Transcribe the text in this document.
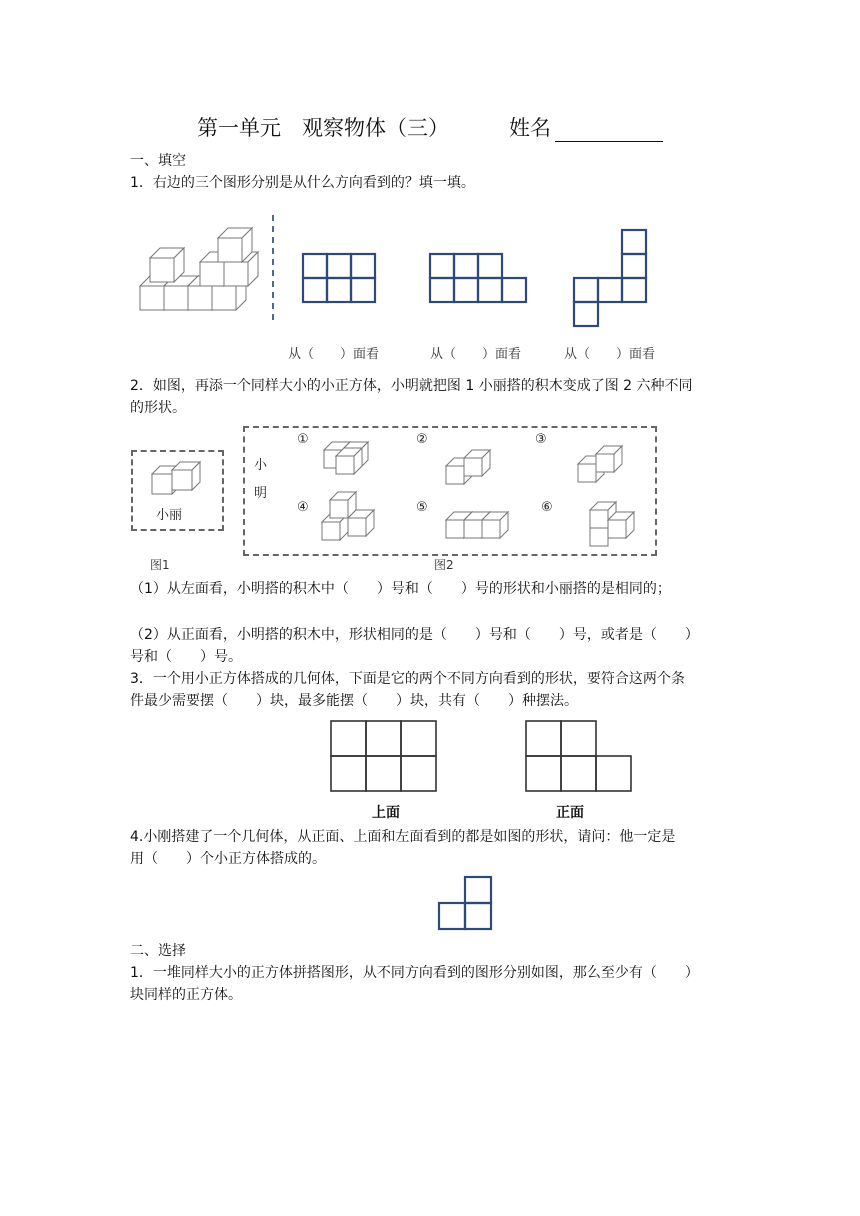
第一单元　观察物体（三）	姓名
一、填空
1．右边的三个图形分别是从什么方向看到的？填一填。
从（　　）面看	从（　　）面看	从（　　）面看
2．如图，再添一个同样大小的小正方体，小明就把图 1 小丽搭的积木变成了图 2 六种不同
的形状。
小丽
图1
小
明
图2
①	②	③
④	⑤	⑥
（1）从左面看，小明搭的积木中（　　）号和（　　）号的形状和小丽搭的是相同的；
（2）从正面看，小明搭的积木中，形状相同的是（　　）号和（　　）号，或者是（　　）
号和（　　）号。
3．一个用小正方体搭成的几何体，下面是它的两个不同方向看到的形状，要符合这两个条
件最少需要摆（　　）块，最多能摆（　　）块，共有（　　）种摆法。
上面	正面
4.小刚搭建了一个几何体，从正面、上面和左面看到的都是如图的形状，请问：他一定是
用（　　）个小正方体搭成的。
二、选择
1．一堆同样大小的正方体拼搭图形，从不同方向看到的图形分别如图，那么至少有（　　）
块同样的正方体。
